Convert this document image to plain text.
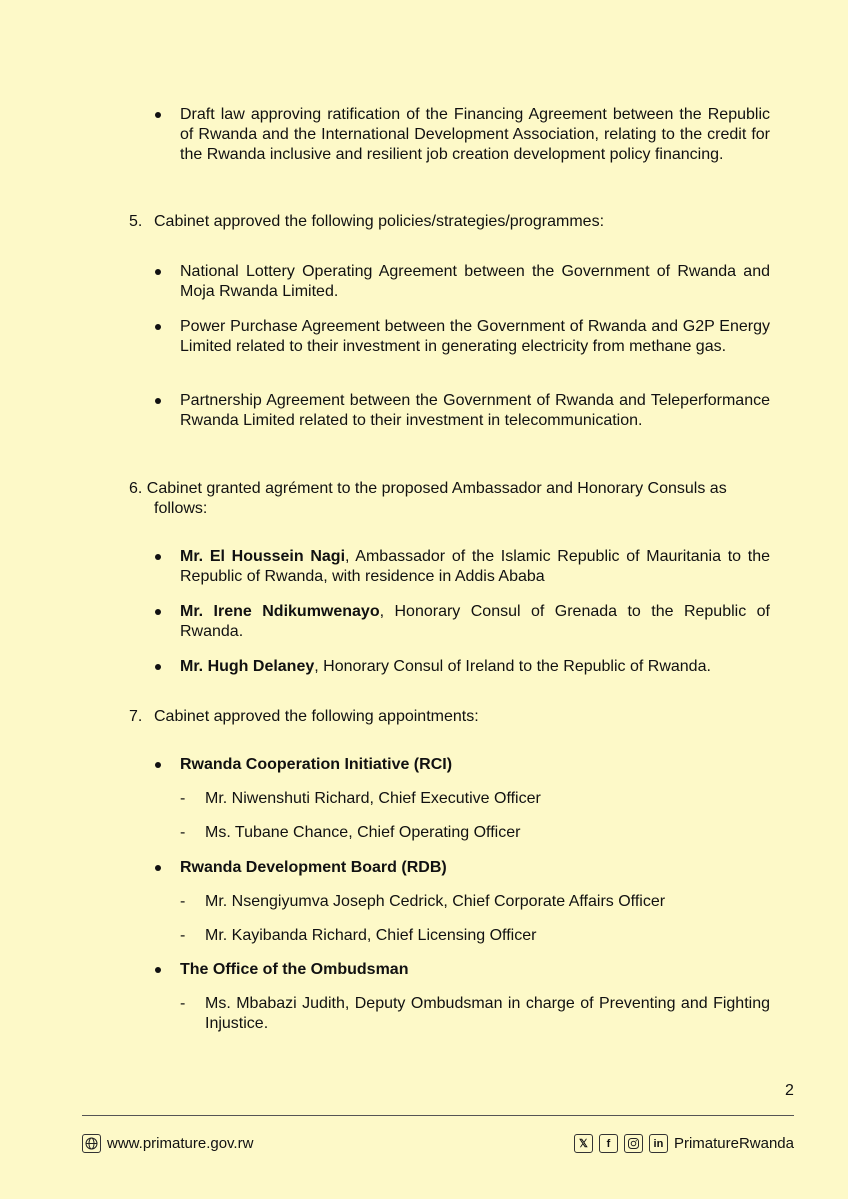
Draft law approving ratification of the Financing Agreement between the Republic of Rwanda and the International Development Association, relating to the credit for the Rwanda inclusive and resilient job creation development policy financing.
5. Cabinet approved the following policies/strategies/programmes:
National Lottery Operating Agreement between the Government of Rwanda and Moja Rwanda Limited.
Power Purchase Agreement between the Government of Rwanda and G2P Energy Limited related to their investment in generating electricity from methane gas.
Partnership Agreement between the Government of Rwanda and Teleperformance Rwanda Limited related to their investment in telecommunication.
6. Cabinet granted agrément to the proposed Ambassador and Honorary Consuls as
follows:
Mr. El Houssein Nagi, Ambassador of the Islamic Republic of Mauritania to the Republic of Rwanda, with residence in Addis Ababa
Mr. Irene Ndikumwenayo, Honorary Consul of Grenada to the Republic of Rwanda.
Mr. Hugh Delaney, Honorary Consul of Ireland to the Republic of Rwanda.
7. Cabinet approved the following appointments:
Rwanda Cooperation Initiative (RCI)
- Mr. Niwenshuti Richard, Chief Executive Officer
- Ms. Tubane Chance, Chief Operating Officer
Rwanda Development Board (RDB)
- Mr. Nsengiyumva Joseph Cedrick, Chief Corporate Affairs Officer
- Mr. Kayibanda Richard, Chief Licensing Officer
The Office of the Ombudsman
- Ms. Mbabazi Judith, Deputy Ombudsman in charge of Preventing and Fighting Injustice.
2
www.primature.gov.rw	𝕏	f	in PrimatureRwanda
